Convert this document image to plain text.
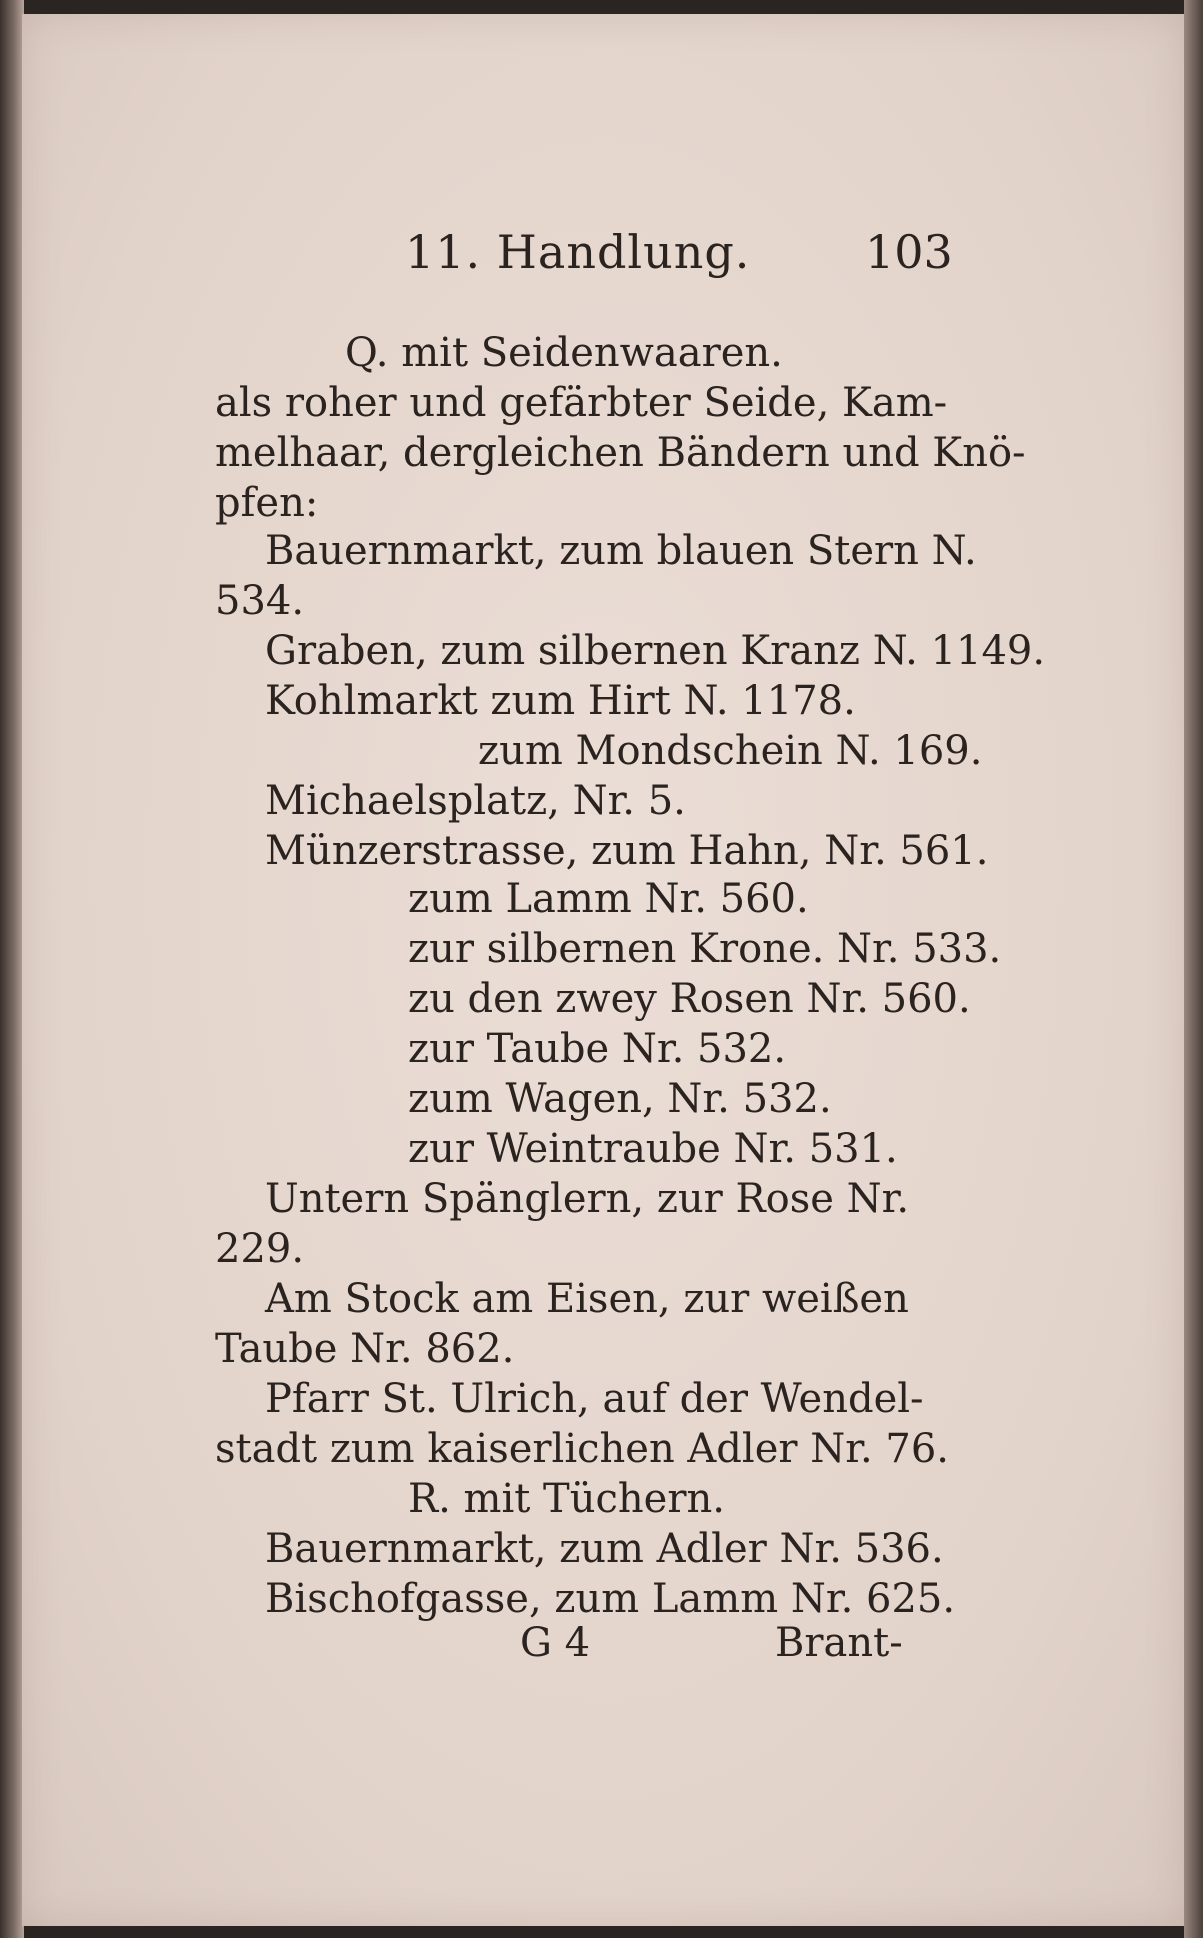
11. Handlung. 103
Q. mit Seidenwaaren.
als roher und gefärbter Seide, Kam-
melhaar, dergleichen Bändern und Knö-
pfen:
Bauernmarkt, zum blauen Stern N.
534.
Graben, zum silbernen Kranz N. 1149.
Kohlmarkt zum Hirt N. 1178.
zum Mondschein N. 169.
Michaelsplatz, Nr. 5.
Münzerstrasse, zum Hahn, Nr. 561.
zum Lamm Nr. 560.
zur silbernen Krone. Nr. 533.
zu den zwey Rosen Nr. 560.
zur Taube Nr. 532.
zum Wagen, Nr. 532.
zur Weintraube Nr. 531.
Untern Spänglern, zur Rose Nr.
229.
Am Stock am Eisen, zur weißen
Taube Nr. 862.
Pfarr St. Ulrich, auf der Wendel-
stadt zum kaiserlichen Adler Nr. 76.
R. mit Tüchern.
Bauernmarkt, zum Adler Nr. 536.
Bischofgasse, zum Lamm Nr. 625.
G 4	Brant-
